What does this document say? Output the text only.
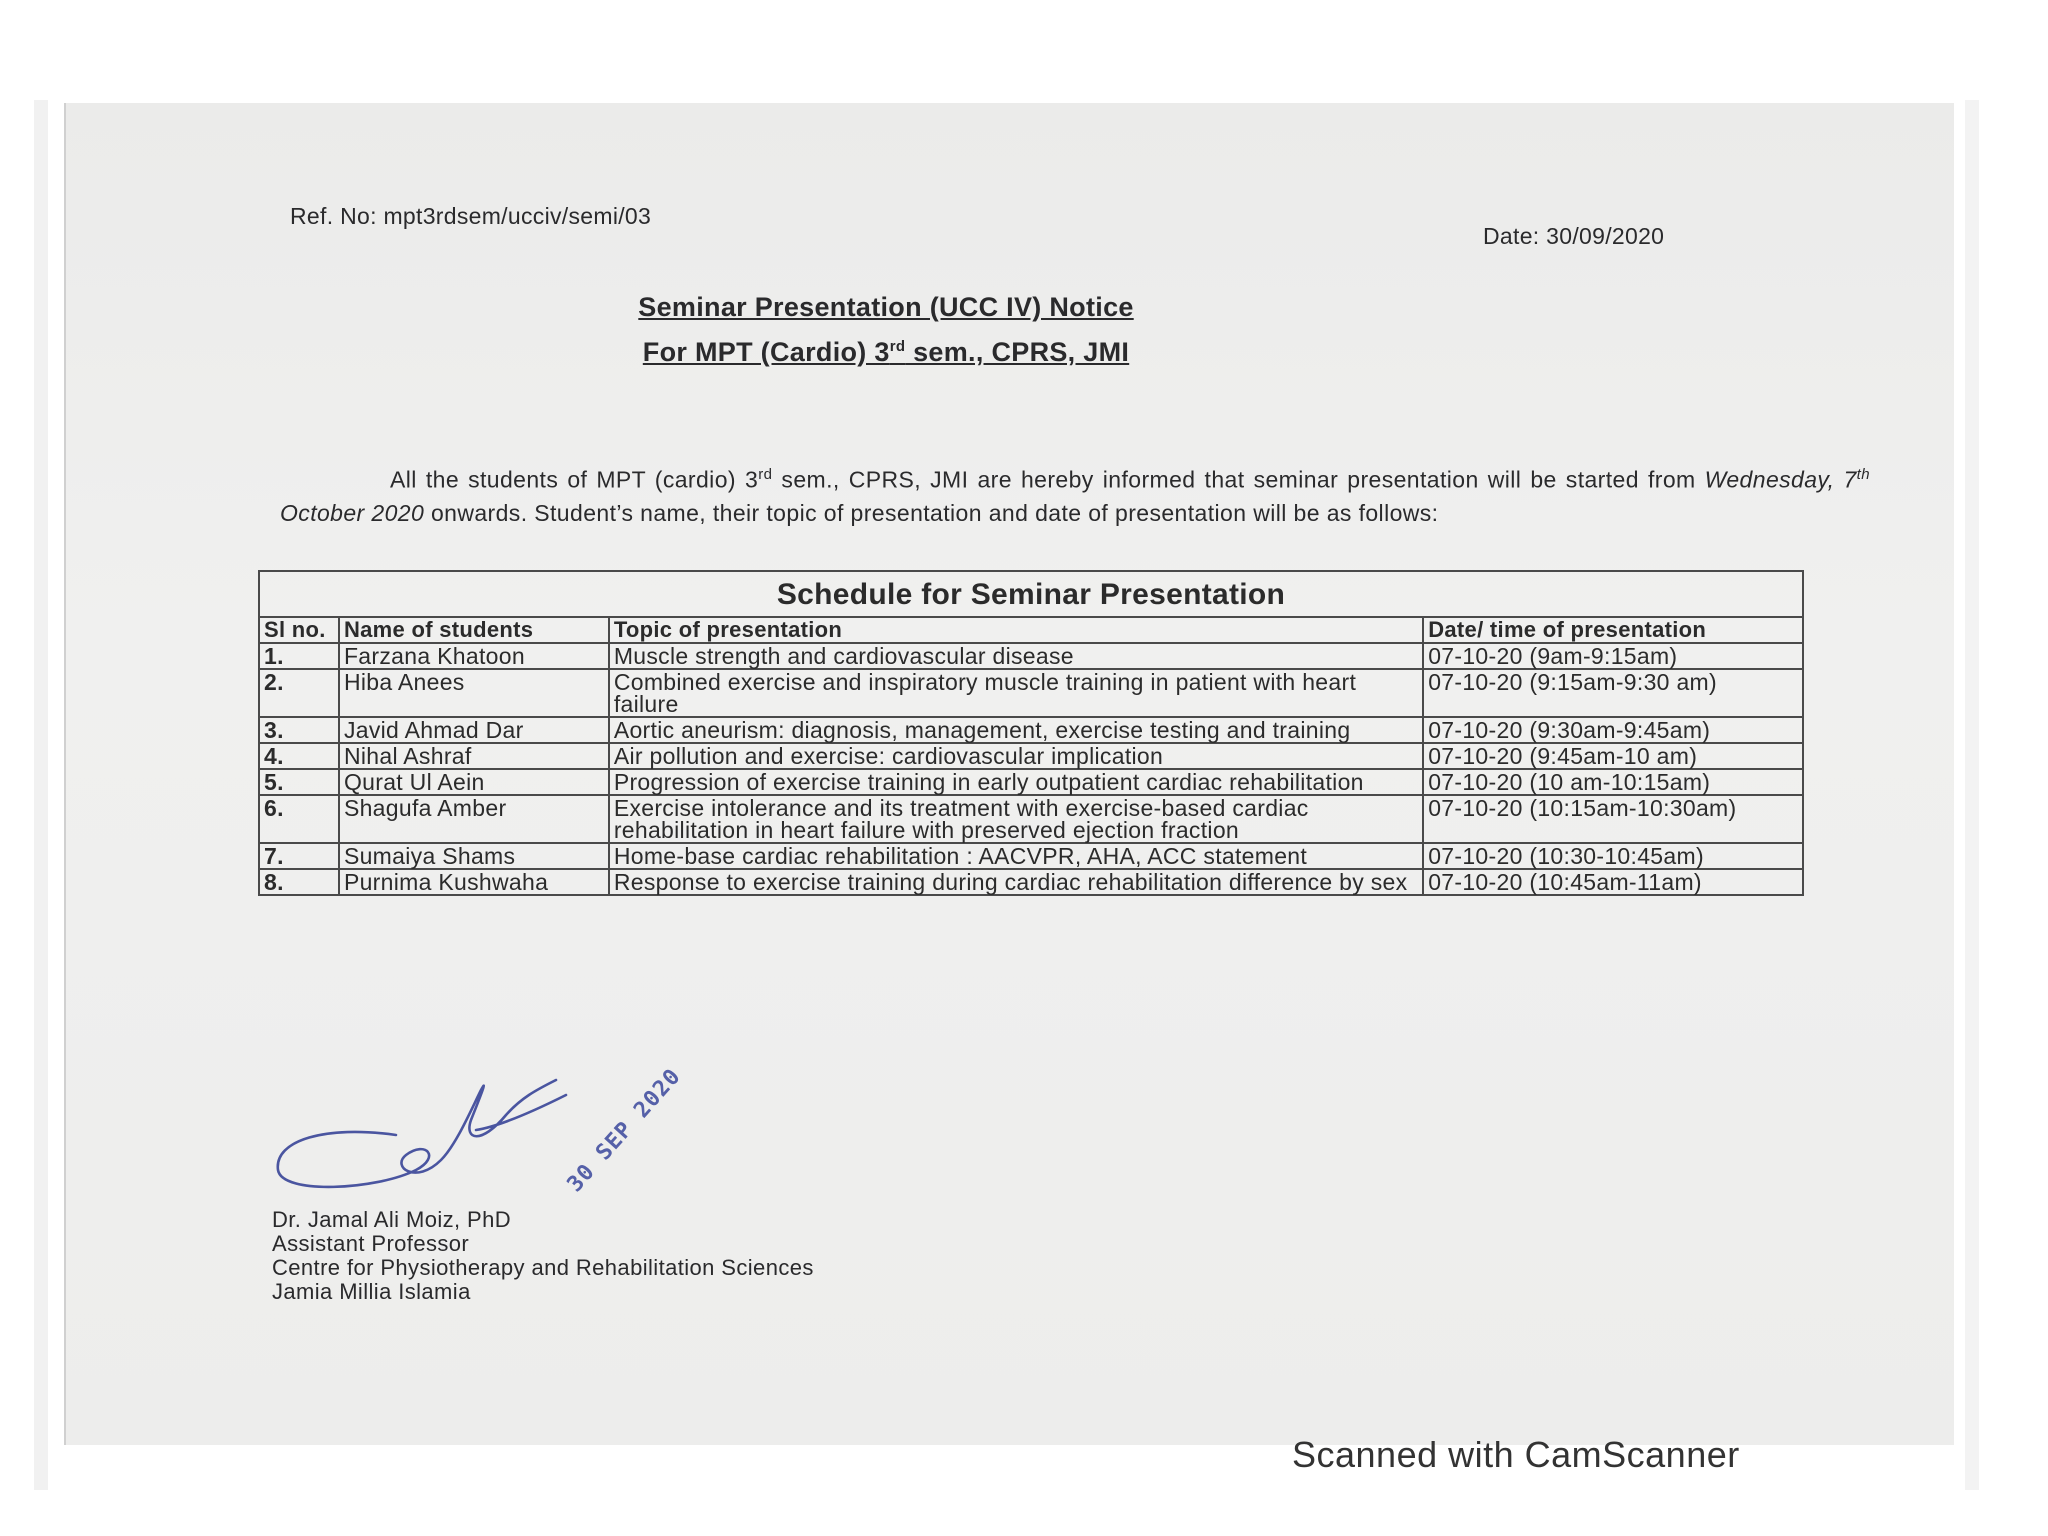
Ref. No: mpt3rdsem/ucciv/semi/03
Date: 30/09/2020
Seminar Presentation (UCC IV) Notice
For MPT (Cardio) 3rd sem., CPRS, JMI
All the students of MPT (cardio) 3rd sem., CPRS, JMI are hereby informed that seminar presentation will be started from Wednesday, 7th October 2020 onwards. Student’s name, their topic of presentation and date of presentation will be as follows:
Schedule for Seminar Presentation			
Sl no.	Name of students	Topic of presentation	Date/ time of presentation
1.	Farzana Khatoon	Muscle strength and cardiovascular disease	07-10-20 (9am-9:15am)
2.	Hiba Anees	Combined exercise and inspiratory muscle training in patient with heart failure	07-10-20 (9:15am-9:30 am)
3.	Javid Ahmad Dar	Aortic aneurism: diagnosis, management, exercise testing and training	07-10-20 (9:30am-9:45am)
4.	Nihal Ashraf	Air pollution and exercise: cardiovascular implication	07-10-20 (9:45am-10 am)
5.	Qurat Ul Aein	Progression of exercise training in early outpatient cardiac rehabilitation	07-10-20 (10 am-10:15am)
6.	Shagufa Amber	Exercise intolerance and its treatment with exercise-based cardiac rehabilitation in heart failure with preserved ejection fraction	07-10-20 (10:15am-10:30am)
7.	Sumaiya Shams	Home-base cardiac rehabilitation : AACVPR, AHA, ACC statement	07-10-20 (10:30-10:45am)
8.	Purnima Kushwaha	Response to exercise training during cardiac rehabilitation difference by sex	07-10-20 (10:45am-11am)
30 SEP 2020
Dr. Jamal Ali Moiz, PhD
Assistant Professor
Centre for Physiotherapy and Rehabilitation Sciences
Jamia Millia Islamia
Scanned with CamScanner
